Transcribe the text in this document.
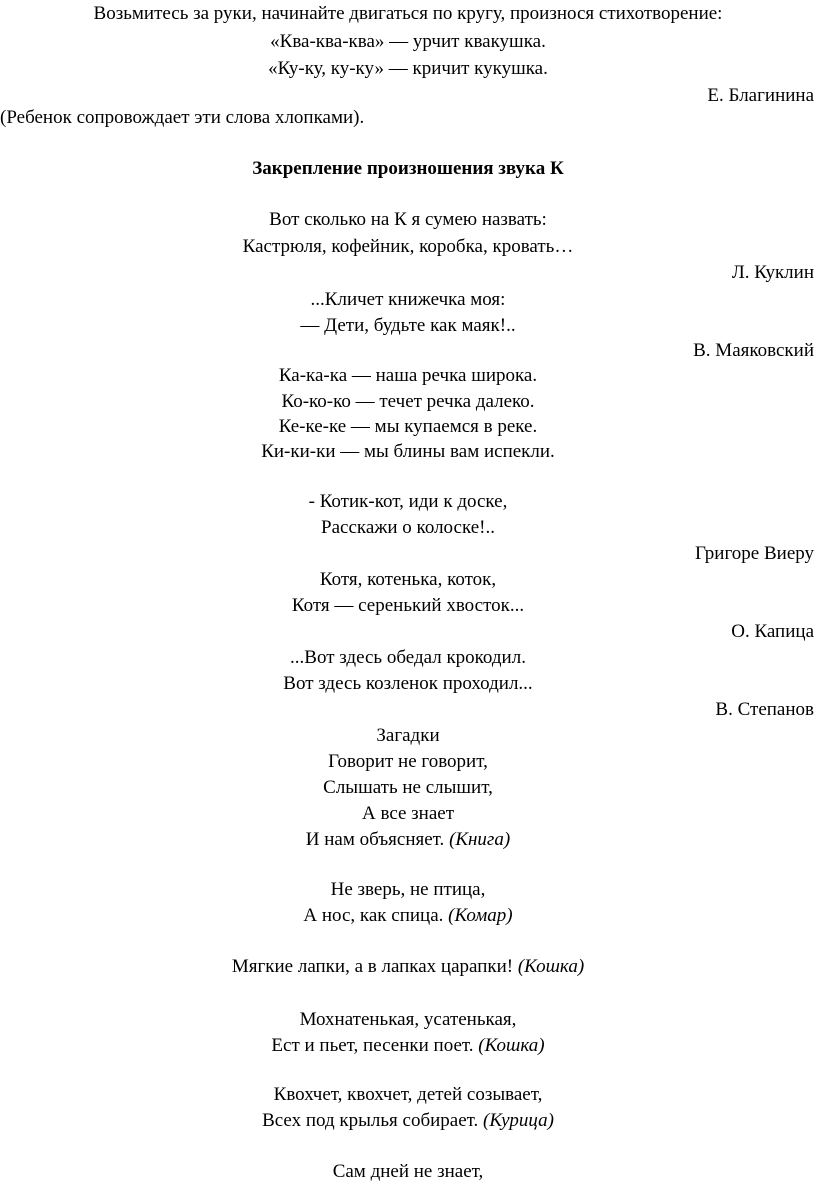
Возьмитесь за руки, начинайте двигаться по кругу, произнося стихотворение:
«Ква-ква-ква» — урчит квакушка.
«Ку-ку, ку-ку» — кричит кукушка.
Е. Благинина
(Ребенок сопровождает эти слова хлопками).
Закрепление произношения звука К
Вот сколько на К я сумею назвать:
Кастрюля, кофейник, коробка, кровать…
Л. Куклин
...Кличет книжечка моя:
— Дети, будьте как маяк!..
В. Маяковский
Ка-ка-ка — наша речка широка.
Ко-ко-ко — течет речка далеко.
Ке-ке-ке — мы купаемся в реке.
Ки-ки-ки — мы блины вам испекли.
- Котик-кот, иди к доске,
Расскажи о колоске!..
Григоре Виеру
Котя, котенька, коток,
Котя — серенький хвосток...
О. Капица
...Вот здесь обедал крокодил.
Вот здесь козленок проходил...
В. Степанов
Загадки
Говорит не говорит,
Слышать не слышит,
А все знает
И нам объясняет. (Книга)
Не зверь, не птица,
А нос, как спица. (Комар)
Мягкие лапки, а в лапках царапки! (Кошка)
Мохнатенькая, усатенькая,
Ест и пьет, песенки поет. (Кошка)
Квохчет, квохчет, детей созывает,
Всех под крылья собирает. (Курица)
Сам дней не знает,
